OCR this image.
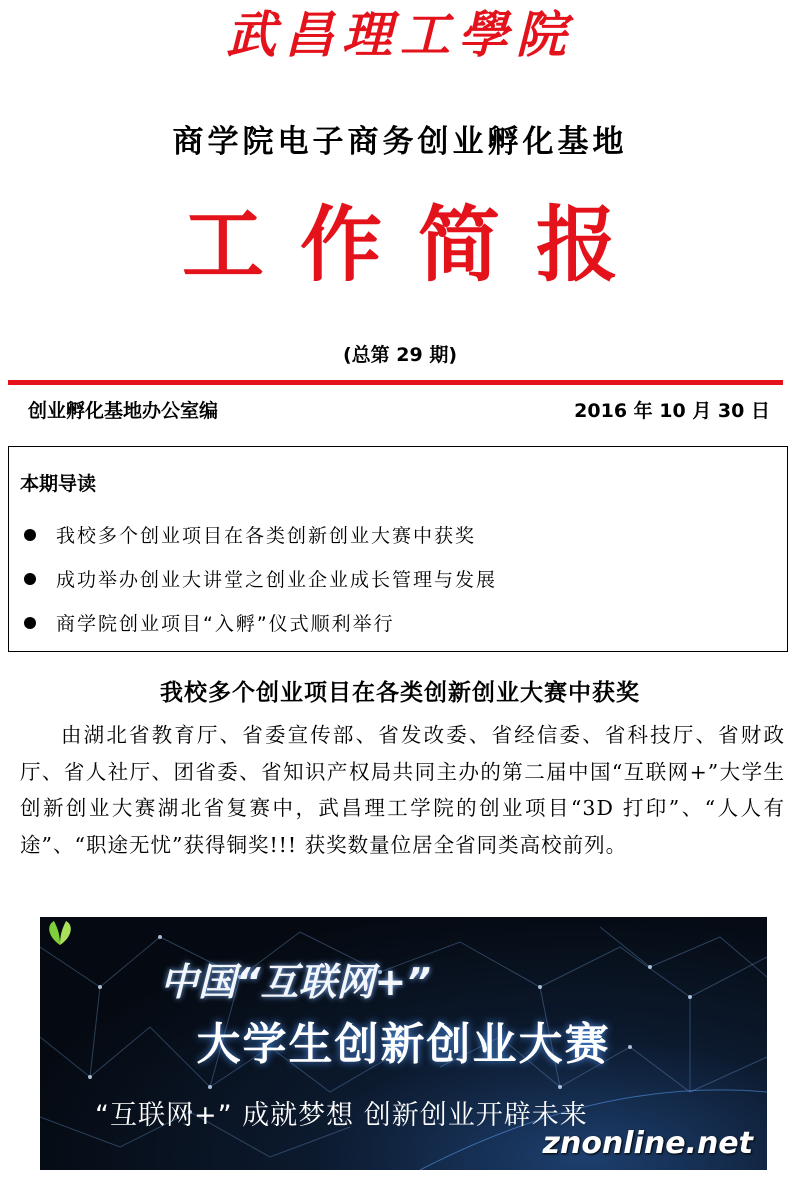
武昌理工學院
商学院电子商务创业孵化基地
工作简报
(总第 29 期)
创业孵化基地办公室编	2016 年 10 月 30 日
本期导读
我校多个创业项目在各类创新创业大赛中获奖
成功举办创业大讲堂之创业企业成长管理与发展
商学院创业项目“入孵”仪式顺利举行
我校多个创业项目在各类创新创业大赛中获奖
由湖北省教育厅、省委宣传部、省发改委、省经信委、省科技厅、省财政厅、省人社厅、团省委、省知识产权局共同主办的第二届中国“互联网+”大学生创新创业大赛湖北省复赛中，武昌理工学院的创业项目“3D 打印”、“人人有途”、“职途无忧”获得铜奖!!! 获奖数量位居全省同类高校前列。
中国“互联网+”
大学生创新创业大赛
“互联网+” 成就梦想 创新创业开辟未来
znonline.net
